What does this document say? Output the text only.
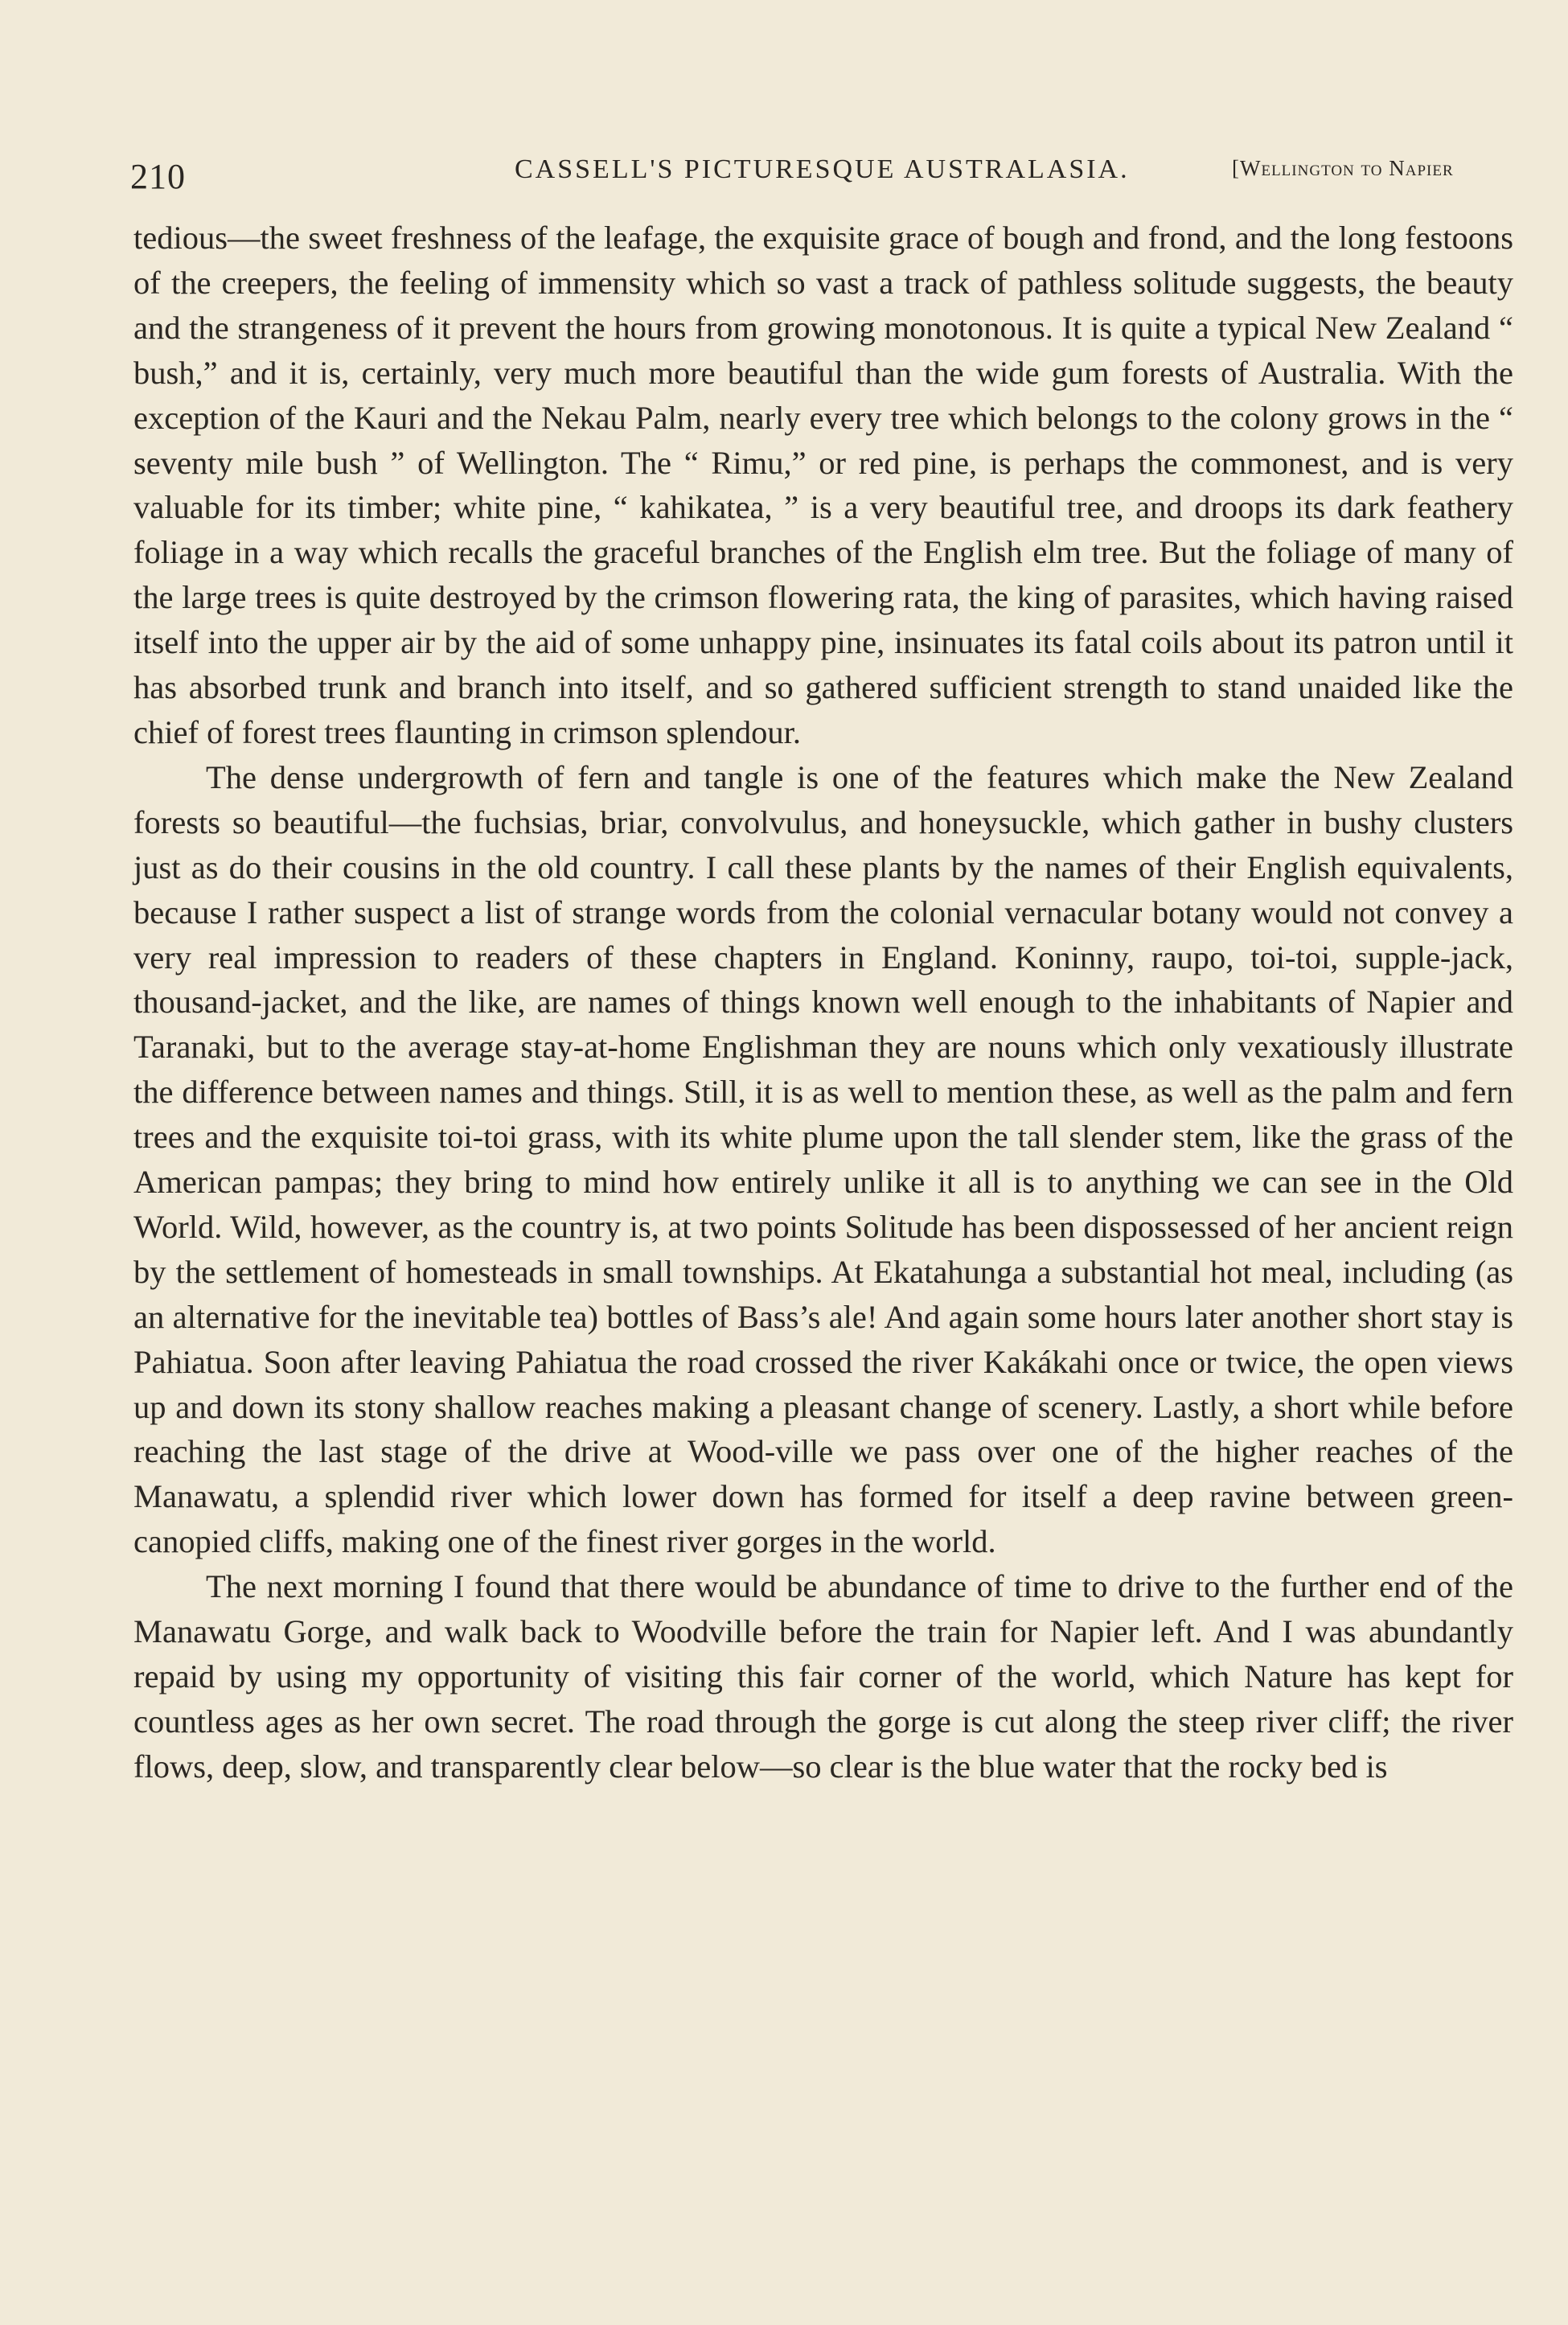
210	CASSELL'S PICTURESQUE AUSTRALASIA.	[Wellington to Napier

tedious—the sweet freshness of the leafage, the exquisite grace of bough and frond, and the long festoons of the creepers, the feeling of immensity which so vast a track of pathless solitude suggests, the beauty and the strangeness of it prevent the hours from growing monotonous. It is quite a typical New Zealand “ bush,” and it is, certainly, very much more beautiful than the wide gum forests of Australia. With the exception of the Kauri and the Nekau Palm, nearly every tree which belongs to the colony grows in the “ seventy mile bush ” of Wellington. The “ Rimu,” or red pine, is perhaps the commonest, and is very valuable for its timber; white pine, “ kahikatea, ” is a very beautiful tree, and droops its dark feathery foliage in a way which recalls the graceful branches of the English elm tree. But the foliage of many of the large trees is quite destroyed by the crimson flowering rata, the king of parasites, which having raised itself into the upper air by the aid of some unhappy pine, insinuates its fatal coils about its patron until it has absorbed trunk and branch into itself, and so gathered sufficient strength to stand unaided like the chief of forest trees flaunting in crimson splendour.

The dense undergrowth of fern and tangle is one of the features which make the New Zealand forests so beautiful—the fuchsias, briar, convolvulus, and honeysuckle, which gather in bushy clusters just as do their cousins in the old country. I call these plants by the names of their English equivalents, because I rather suspect a list of strange words from the colonial vernacular botany would not convey a very real impression to readers of these chapters in England. Koninny, raupo, toi-toi, supple-jack, thousand-jacket, and the like, are names of things known well enough to the inhabitants of Napier and Taranaki, but to the average stay-at-home Englishman they are nouns which only vexatiously illustrate the difference between names and things. Still, it is as well to mention these, as well as the palm and fern trees and the exquisite toi-toi grass, with its white plume upon the tall slender stem, like the grass of the American pampas; they bring to mind how entirely unlike it all is to anything we can see in the Old World. Wild, however, as the country is, at two points Solitude has been dispossessed of her ancient reign by the settlement of homesteads in small townships. At Ekatahunga a substantial hot meal, including (as an alternative for the inevitable tea) bottles of Bass’s ale! And again some hours later another short stay is Pahiatua. Soon after leaving Pahiatua the road crossed the river Kakákahi once or twice, the open views up and down its stony shallow reaches making a pleasant change of scenery. Lastly, a short while before reaching the last stage of the drive at Wood-ville we pass over one of the higher reaches of the Manawatu, a splendid river which lower down has formed for itself a deep ravine between green-canopied cliffs, making one of the finest river gorges in the world.

The next morning I found that there would be abundance of time to drive to the further end of the Manawatu Gorge, and walk back to Woodville before the train for Napier left. And I was abundantly repaid by using my opportunity of visiting this fair corner of the world, which Nature has kept for countless ages as her own secret. The road through the gorge is cut along the steep river cliff; the river flows, deep, slow, and transparently clear below—so clear is the blue water that the rocky bed is
